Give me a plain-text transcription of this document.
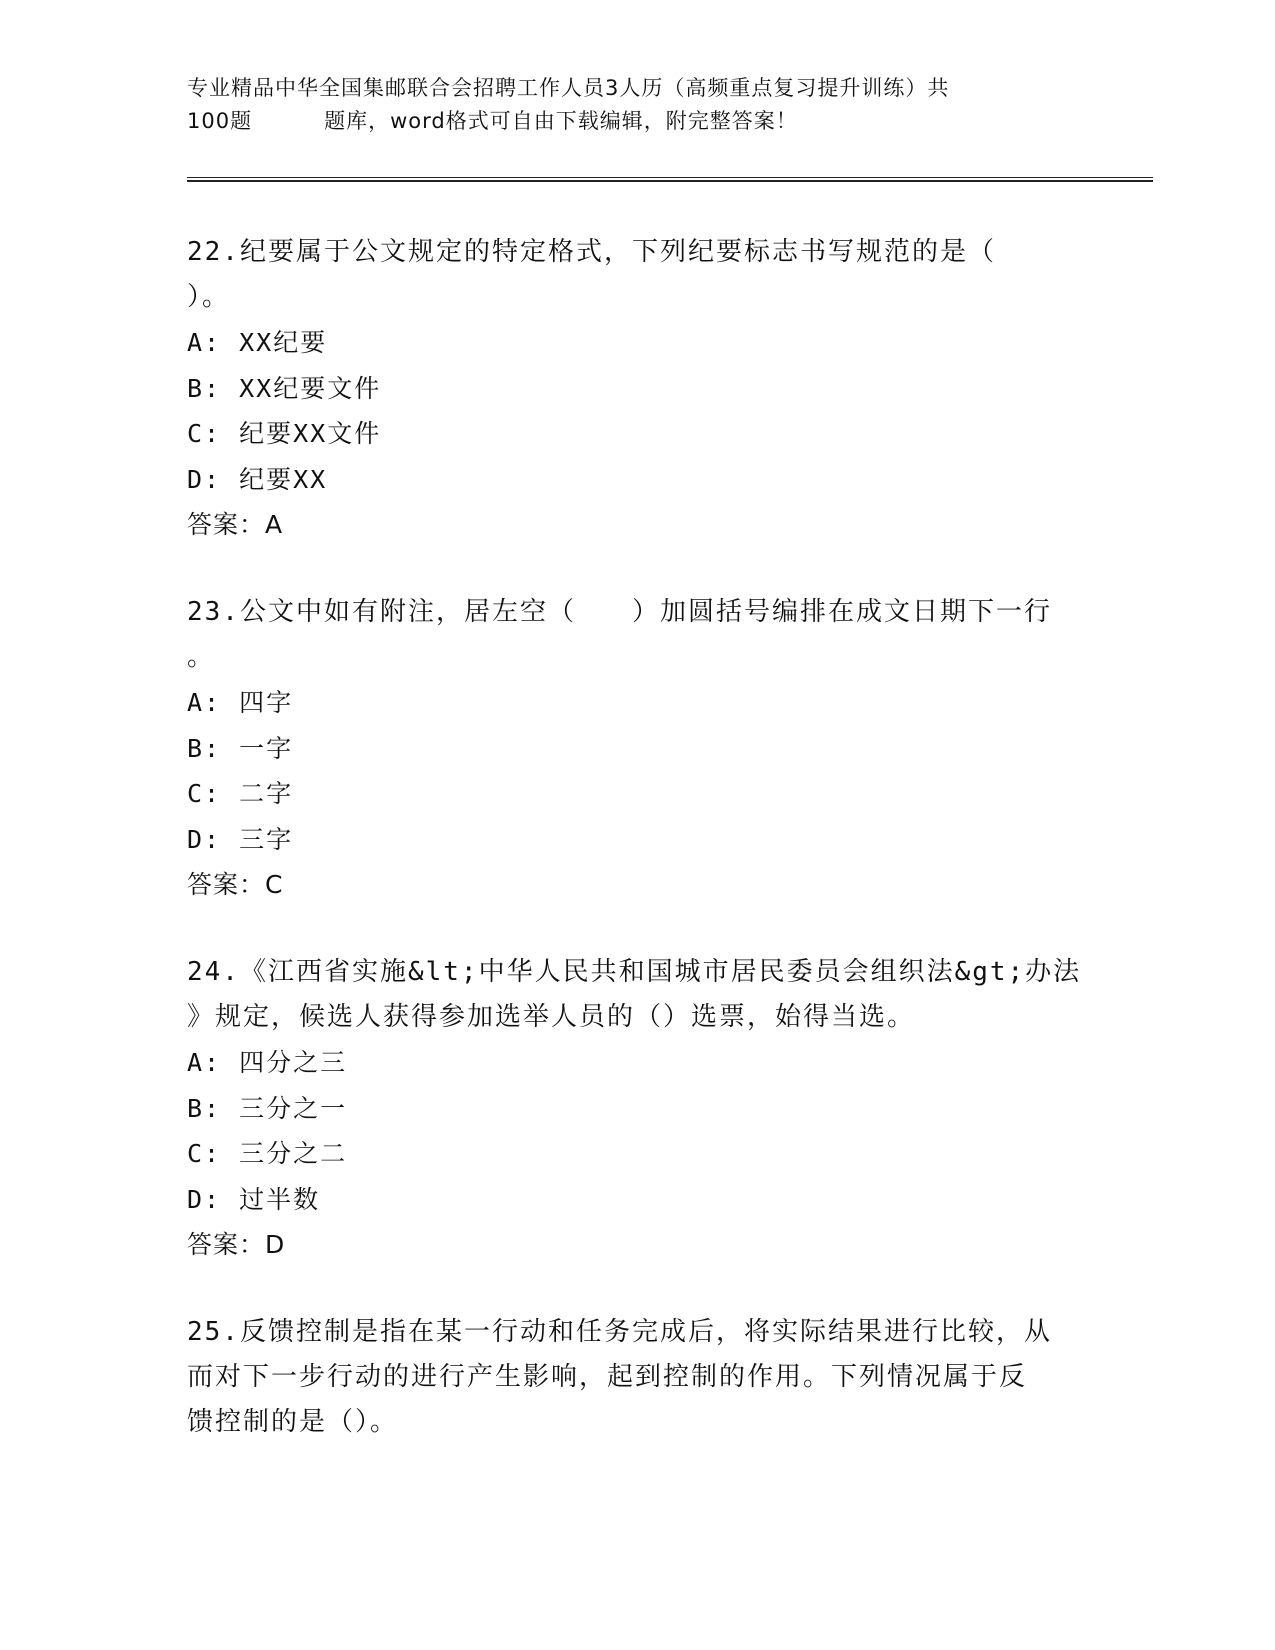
专业精品中华全国集邮联合会招聘工作人员3人历（高频重点复习提升训练）共
100题	题库，word格式可自由下载编辑，附完整答案！
22.纪要属于公文规定的特定格式，下列纪要标志书写规范的是（
）。
A: XX纪要
B: XX纪要文件
C: 纪要XX文件
D: 纪要XX
答案：A
23.公文中如有附注，居左空（　　）加圆括号编排在成文日期下一行
。
A: 四字
B: 一字
C: 二字
D: 三字
答案：C
24.《江西省实施&lt;中华人民共和国城市居民委员会组织法&gt;办法
》规定，候选人获得参加选举人员的（）选票，始得当选。
A: 四分之三
B: 三分之一
C: 三分之二
D: 过半数
答案：D
25.反馈控制是指在某一行动和任务完成后，将实际结果进行比较，从
而对下一步行动的进行产生影响，起到控制的作用。下列情况属于反
馈控制的是（）。
